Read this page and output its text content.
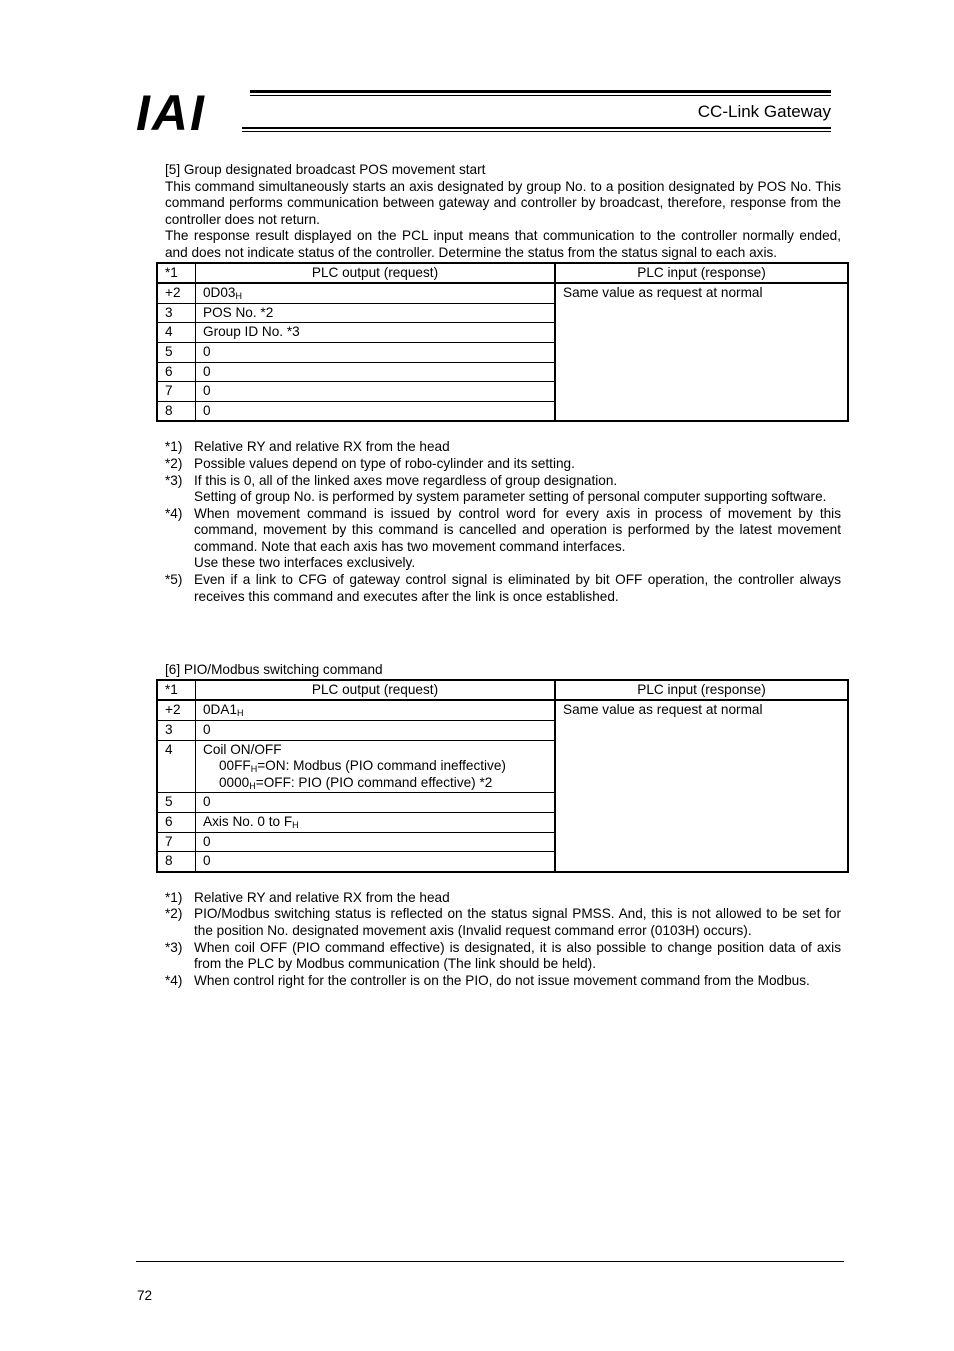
IAI	CC-Link Gateway

[5] Group designated broadcast POS movement start

This command simultaneously starts an axis designated by group No. to a position designated by POS No. This command performs communication between gateway and controller by broadcast, therefore, response from the controller does not return.

The response result displayed on the PCL input means that communication to the controller normally ended, and does not indicate status of the controller. Determine the status from the status signal to each axis.

*1	PLC output (request)	PLC input (response)
+2	$0D03_H$	Same value as request at normal
3	POS No. *2	
4	Group ID No. *3	
5	0	
6	0	
7	0	
8	0	
*1) Relative RY and relative RX from the head
*2) Possible values depend on type of robo-cylinder and its setting.
*3) If this is 0, all of the linked axes move regardless of group designation.
Setting of group No. is performed by system parameter setting of personal computer supporting software.
*4) When movement command is issued by control word for every axis in process of movement by this command, movement by this command is cancelled and operation is performed by the latest movement command. Note that each axis has two movement command interfaces.
Use these two interfaces exclusively.
*5) Even if a link to CFG of gateway control signal is eliminated by bit OFF operation, the controller always receives this command and executes after the link is once established.

[6] PIO/Modbus switching command

*1	PLC output (request)	PLC input (response)
+2	$0DA1_H$	Same value as request at normal
3	0	
4	Coil ON/OFF
$00FF_H=ON$: Modbus (PIO command ineffective)
$0000_H=OFF$: PIO (PIO command effective) *2	

5	0	
6	Axis No. 0 to $F_H$
7	0	
8	0	
*1) Relative RY and relative RX from the head
*2) PIO/Modbus switching status is reflected on the status signal PMSS. And, this is not allowed to be set for the position No. designated movement axis (Invalid request command error (0103H) occurs).
*3) When coil OFF (PIO command effective) is designated, it is also possible to change position data of axis from the PLC by Modbus communication (The link should be held).
*4) When control right for the controller is on the PIO, do not issue movement command from the Modbus.
72
